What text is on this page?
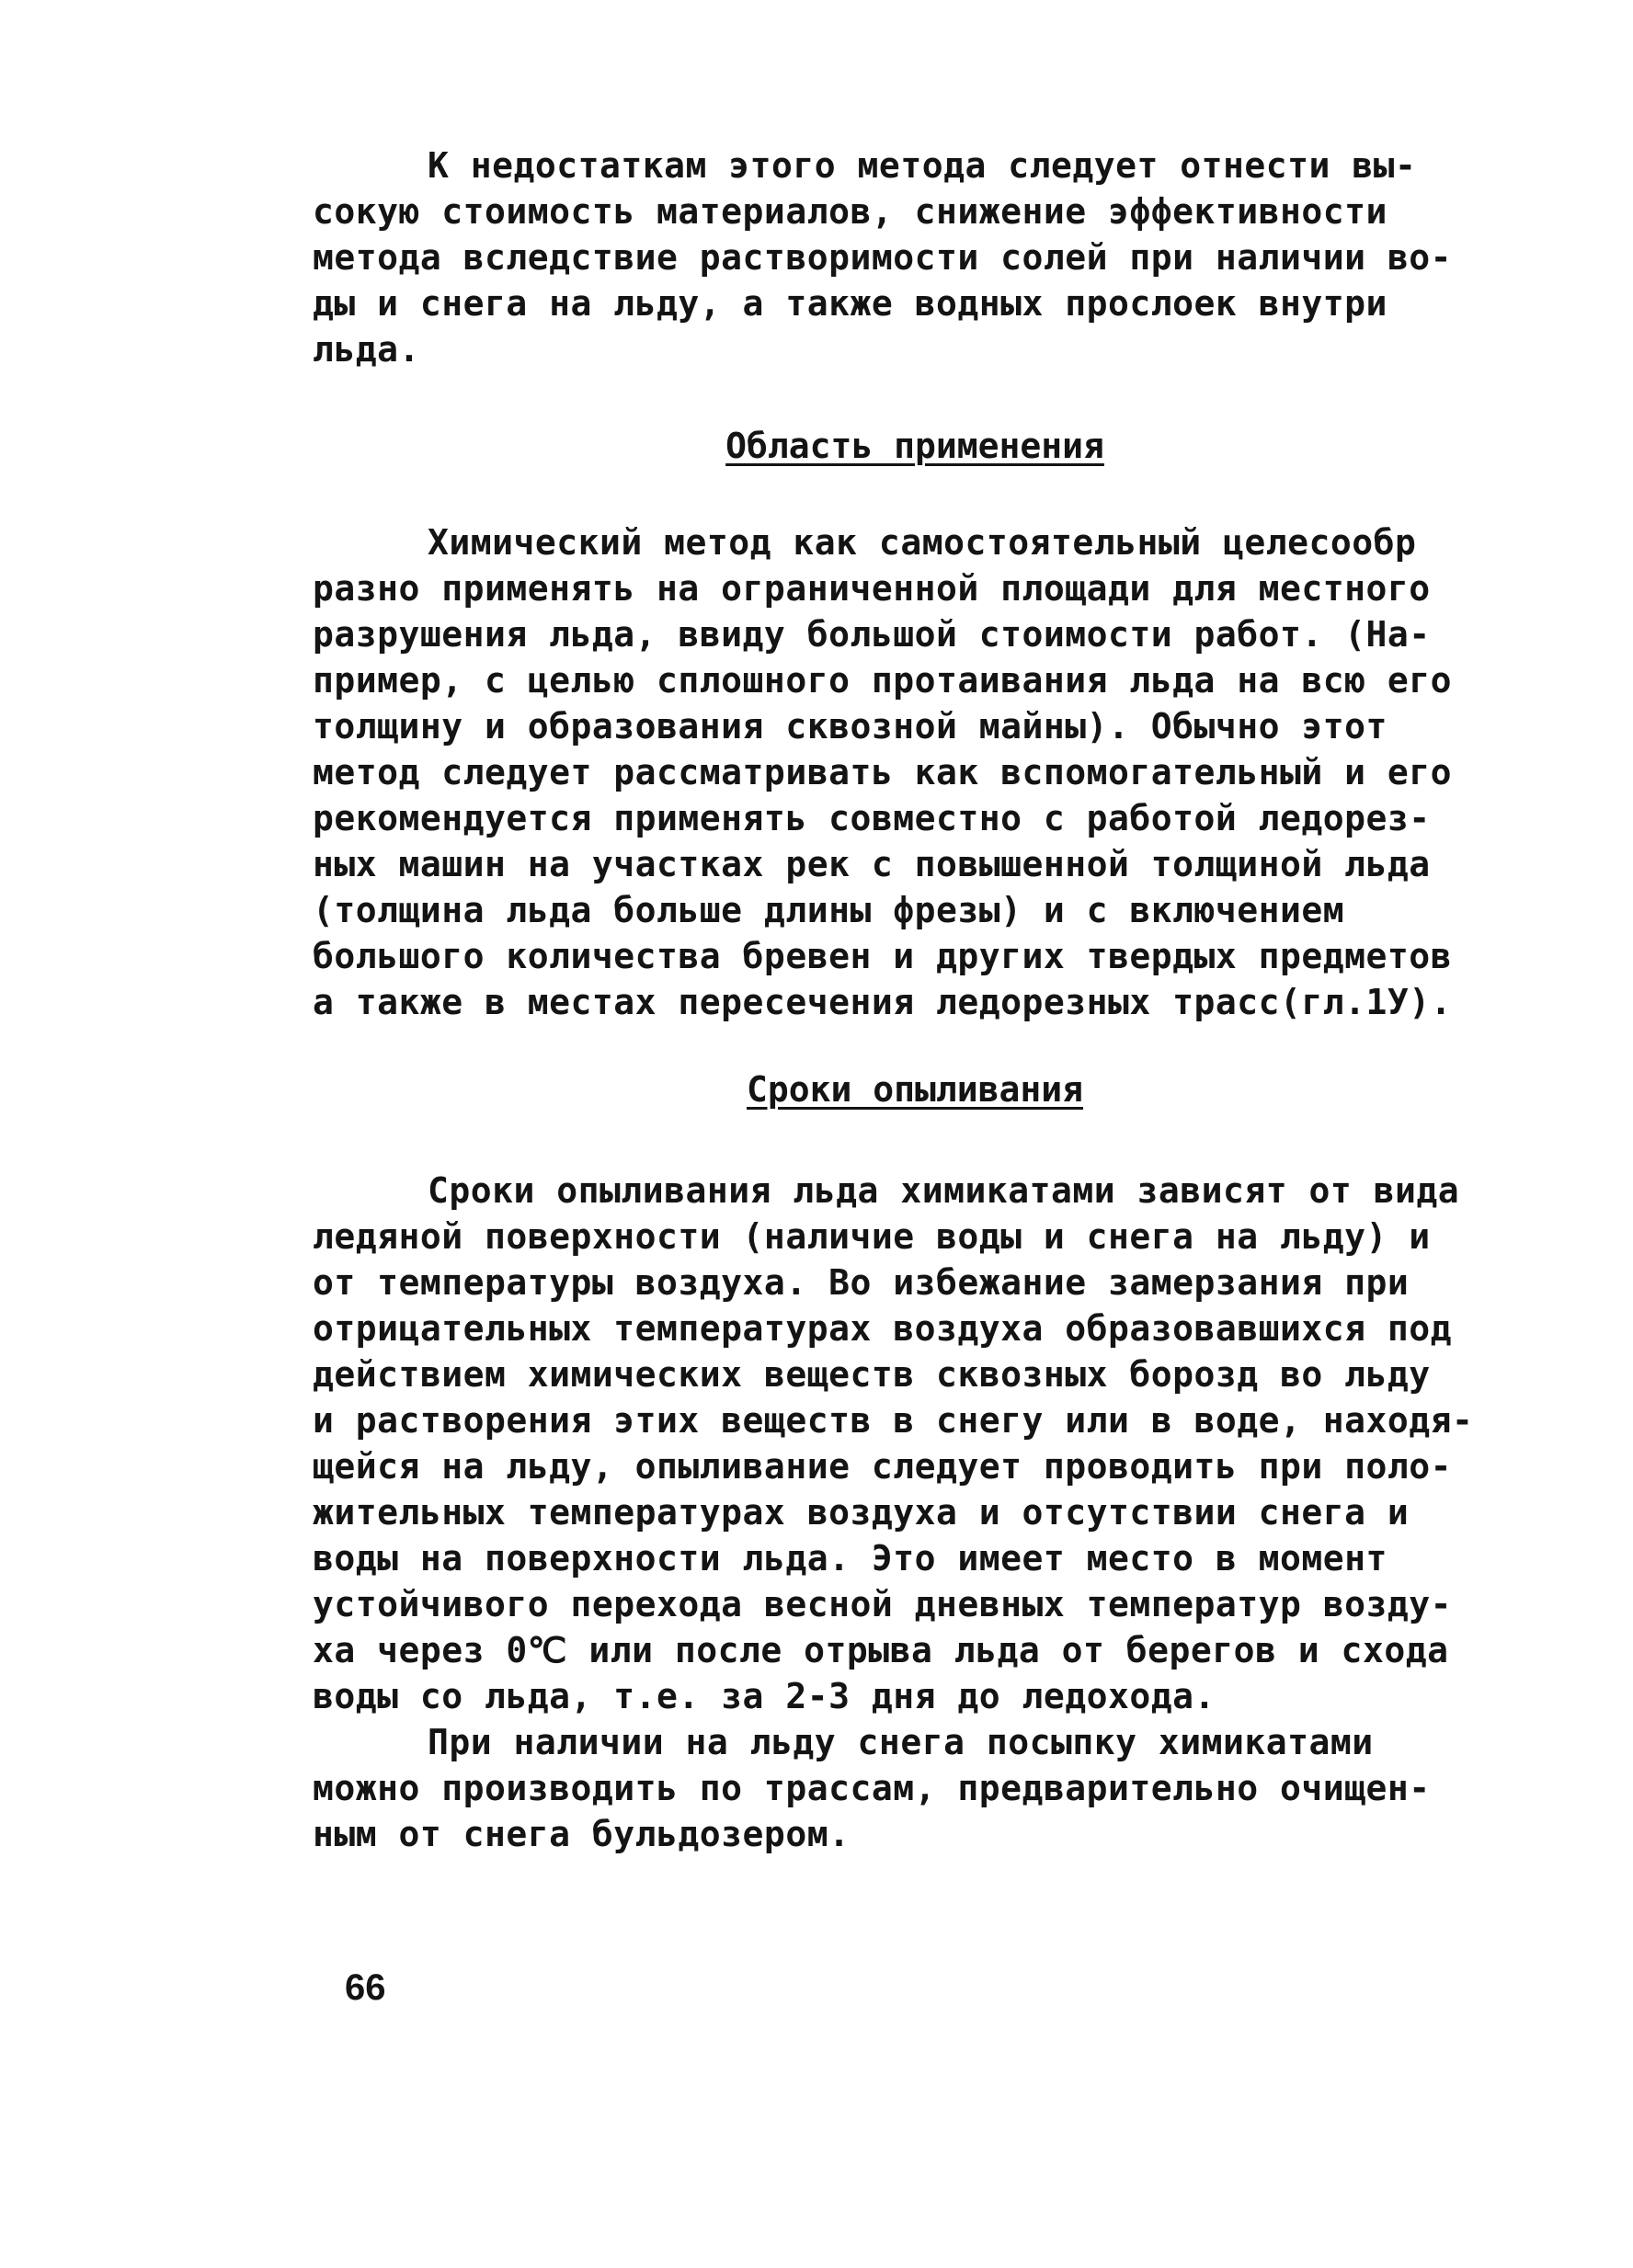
К недостаткам этого метода следует отнести вы-
сокую стоимость материалов, снижение эффективности
метода вследствие растворимости солей при наличии во-
ды и снега на льду, а также водных прослоек внутри
льда.
Область применения
Химический метод как самостоятельный целесообр
разно применять на ограниченной площади для местного
разрушения льда, ввиду большой стоимости работ. (На-
пример, с целью сплошного протаивания льда на всю его
толщину и образования сквозной майны). Обычно этот
метод следует рассматривать как вспомогательный и его
рекомендуется применять совместно с работой ледорез-
ных машин на участках рек с повышенной толщиной льда
(толщина льда больше длины фрезы) и с включением
большого количества бревен и других твердых предметов
а также в местах пересечения ледорезных трасс(гл.1У).
Сроки опыливания
Сроки опыливания льда химикатами зависят от вида
ледяной поверхности (наличие воды и снега на льду) и
от температуры воздуха. Во избежание замерзания при
отрицательных температурах воздуха образовавшихся под
действием химических веществ сквозных борозд во льду
и растворения этих веществ в снегу или в воде, находя-
щейся на льду, опыливание следует проводить при поло-
жительных температурах воздуха и отсутствии снега и
воды на поверхности льда. Это имеет место в момент
устойчивого перехода весной дневных температур возду-
ха через 0℃ или после отрыва льда от берегов и схода
воды со льда, т.е. за 2-3 дня до ледохода.
При наличии на льду снега посыпку химикатами
можно производить по трассам, предварительно очищен-
ным от снега бульдозером.
66
